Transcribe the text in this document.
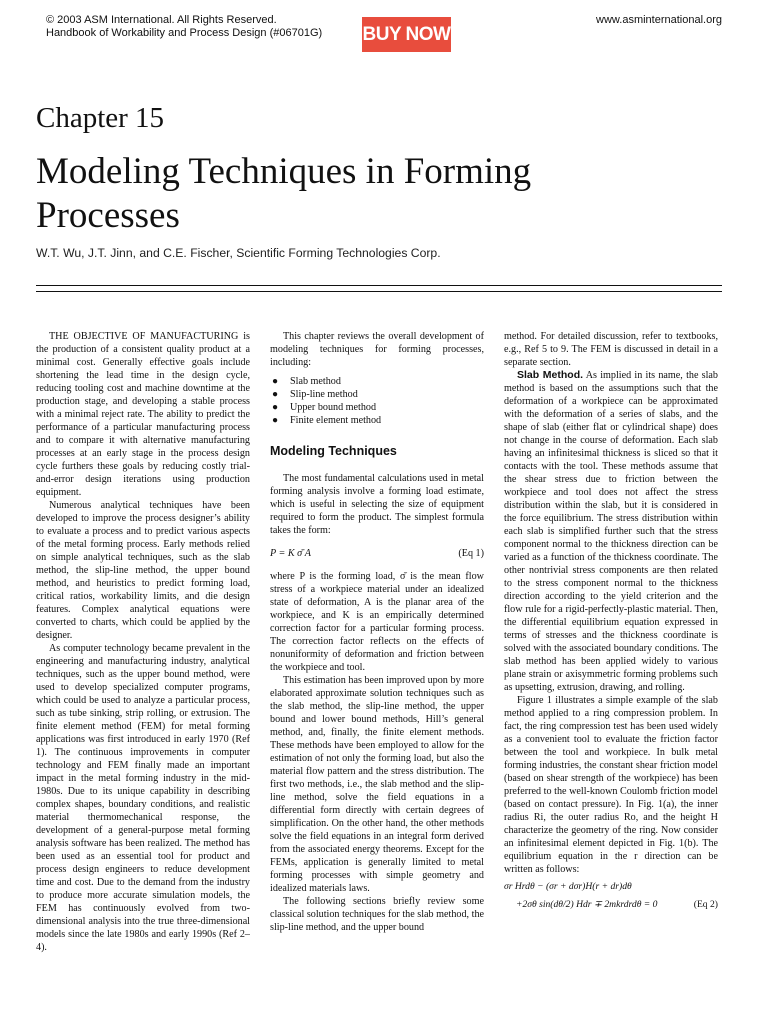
© 2003 ASM International. All Rights Reserved.
Handbook of Workability and Process Design (#06701G) BUY NOW
www.asminternational.org
Chapter 15
Modeling Techniques in Forming Processes
W.T. Wu, J.T. Jinn, and C.E. Fischer, Scientific Forming Technologies Corp.

THE OBJECTIVE OF MANUFACTURING is the production of a consistent quality product at a minimal cost. Generally effective goals include shortening the lead time in the design cycle, reducing tooling cost and machine downtime at the production stage, and developing a stable process with a minimal reject rate. The ability to predict the performance of a particular manufacturing process and to compare it with alternative manufacturing processes at an early stage in the process design cycle furthers these goals by reducing costly trial-and-error design iterations using production equipment.

Numerous analytical techniques have been developed to improve the process designer’s ability to evaluate a process and to predict various aspects of the metal forming process. Early methods relied on simple analytical techniques, such as the slab method, the slip-line method, the upper bound method, and heuristics to predict forming load, critical ratios, workability limits, and die design features. Complex analytical equations were converted to charts, which could be applied by the designer.

As computer technology became prevalent in the engineering and manufacturing industry, analytical techniques, such as the upper bound method, were used to develop specialized computer programs, which could be used to analyze a particular process, such as tube sinking, strip rolling, or extrusion. The finite element method (FEM) for metal forming applications was first introduced in early 1970 (Ref 1). The continuous improvements in computer technology and FEM finally made an important impact in the metal forming industry in the mid-1980s. Due to its unique capability in describing complex shapes, boundary conditions, and realistic material thermomechanical response, the development of a general-purpose metal forming analysis software has been realized. The method has been used as an essential tool for product and process design engineers to reduce development time and cost. Due to the demand from the industry to produce more accurate simulation models, the FEM has continuously evolved from two-dimensional analysis into the true three-dimensional models since the late 1980s and early 1990s (Ref 2–4).

This chapter reviews the overall development of modeling techniques for forming processes, including:

● Slab method
● Slip-line method
● Upper bound method
● Finite element method
Modeling Techniques

The most fundamental calculations used in metal forming analysis involve a forming load estimate, which is useful in selecting the size of equipment required to form the product. The simplest formula takes the form:

P = K σ̄ A	(Eq 1)

where P is the forming load, σ̄ is the mean flow stress of a workpiece material under an idealized state of deformation, A is the planar area of the workpiece, and K is an empirically determined correction factor for a particular forming process. The correction factor reflects on the effects of nonuniformity of deformation and friction between the workpiece and tool.

This estimation has been improved upon by more elaborated approximate solution techniques such as the slab method, the slip-line method, the upper bound and lower bound methods, Hill’s general method, and, finally, the finite element methods. These methods have been employed to allow for the estimation of not only the forming load, but also the material flow pattern and the stress distribution. The first two methods, i.e., the slab method and the slip-line method, solve the field equations in a differential form directly with certain degrees of simplification. On the other hand, the other methods solve the field equations in an integral form derived from the associated energy theorems. Except for the FEMs, application is generally limited to metal forming processes with simple geometry and idealized materials laws.

The following sections briefly review some classical solution techniques for the slab method, the slip-line method, and the upper bound

method. For detailed discussion, refer to textbooks, e.g., Ref 5 to 9. The FEM is discussed in detail in a separate section.

Slab Method. As implied in its name, the slab method is based on the assumptions such that the deformation of a workpiece can be approximated with the deformation of a series of slabs, and the shape of slab (either flat or cylindrical shape) does not change in the course of deformation. Each slab having an infinitesimal thickness is sliced so that it contacts with the tool. These methods assume that the shear stress due to friction between the workpiece and tool does not affect the stress distribution within the slab, but it is considered in the force equilibrium. The stress distribution within each slab is simplified further such that the stress component normal to the thickness direction can be varied as a function of the thickness coordinate. The other nontrivial stress components are then related to the stress component normal to the thickness direction according to the yield criterion and the flow rule for a rigid-perfectly-plastic material. Then, the differential equilibrium equation expressed in terms of stresses and the thickness coordinate is solved with the associated boundary conditions. The slab method has been applied widely to various plane strain or axisymmetric forming problems such as upsetting, extrusion, drawing, and rolling.

Figure 1 illustrates a simple example of the slab method applied to a ring compression problem. In fact, the ring compression test has been used widely as a convenient tool to evaluate the friction factor between the tool and workpiece. In bulk metal forming industries, the constant shear friction model (based on shear strength of the workpiece) has been preferred to the well-known Coulomb friction model (based on contact pressure). In Fig. 1(a), the inner radius Ri, the outer radius Ro, and the height H characterize the geometry of the ring. Now consider an infinitesimal element depicted in Fig. 1(b). The equilibrium equation in the r direction can be written as follows:

σr Hrdθ − (σr + dσr)H(r + dr)dθ
+2σθ sin(dθ/2) Hdr ∓ 2mkrdrdθ = 0	(Eq 2)
